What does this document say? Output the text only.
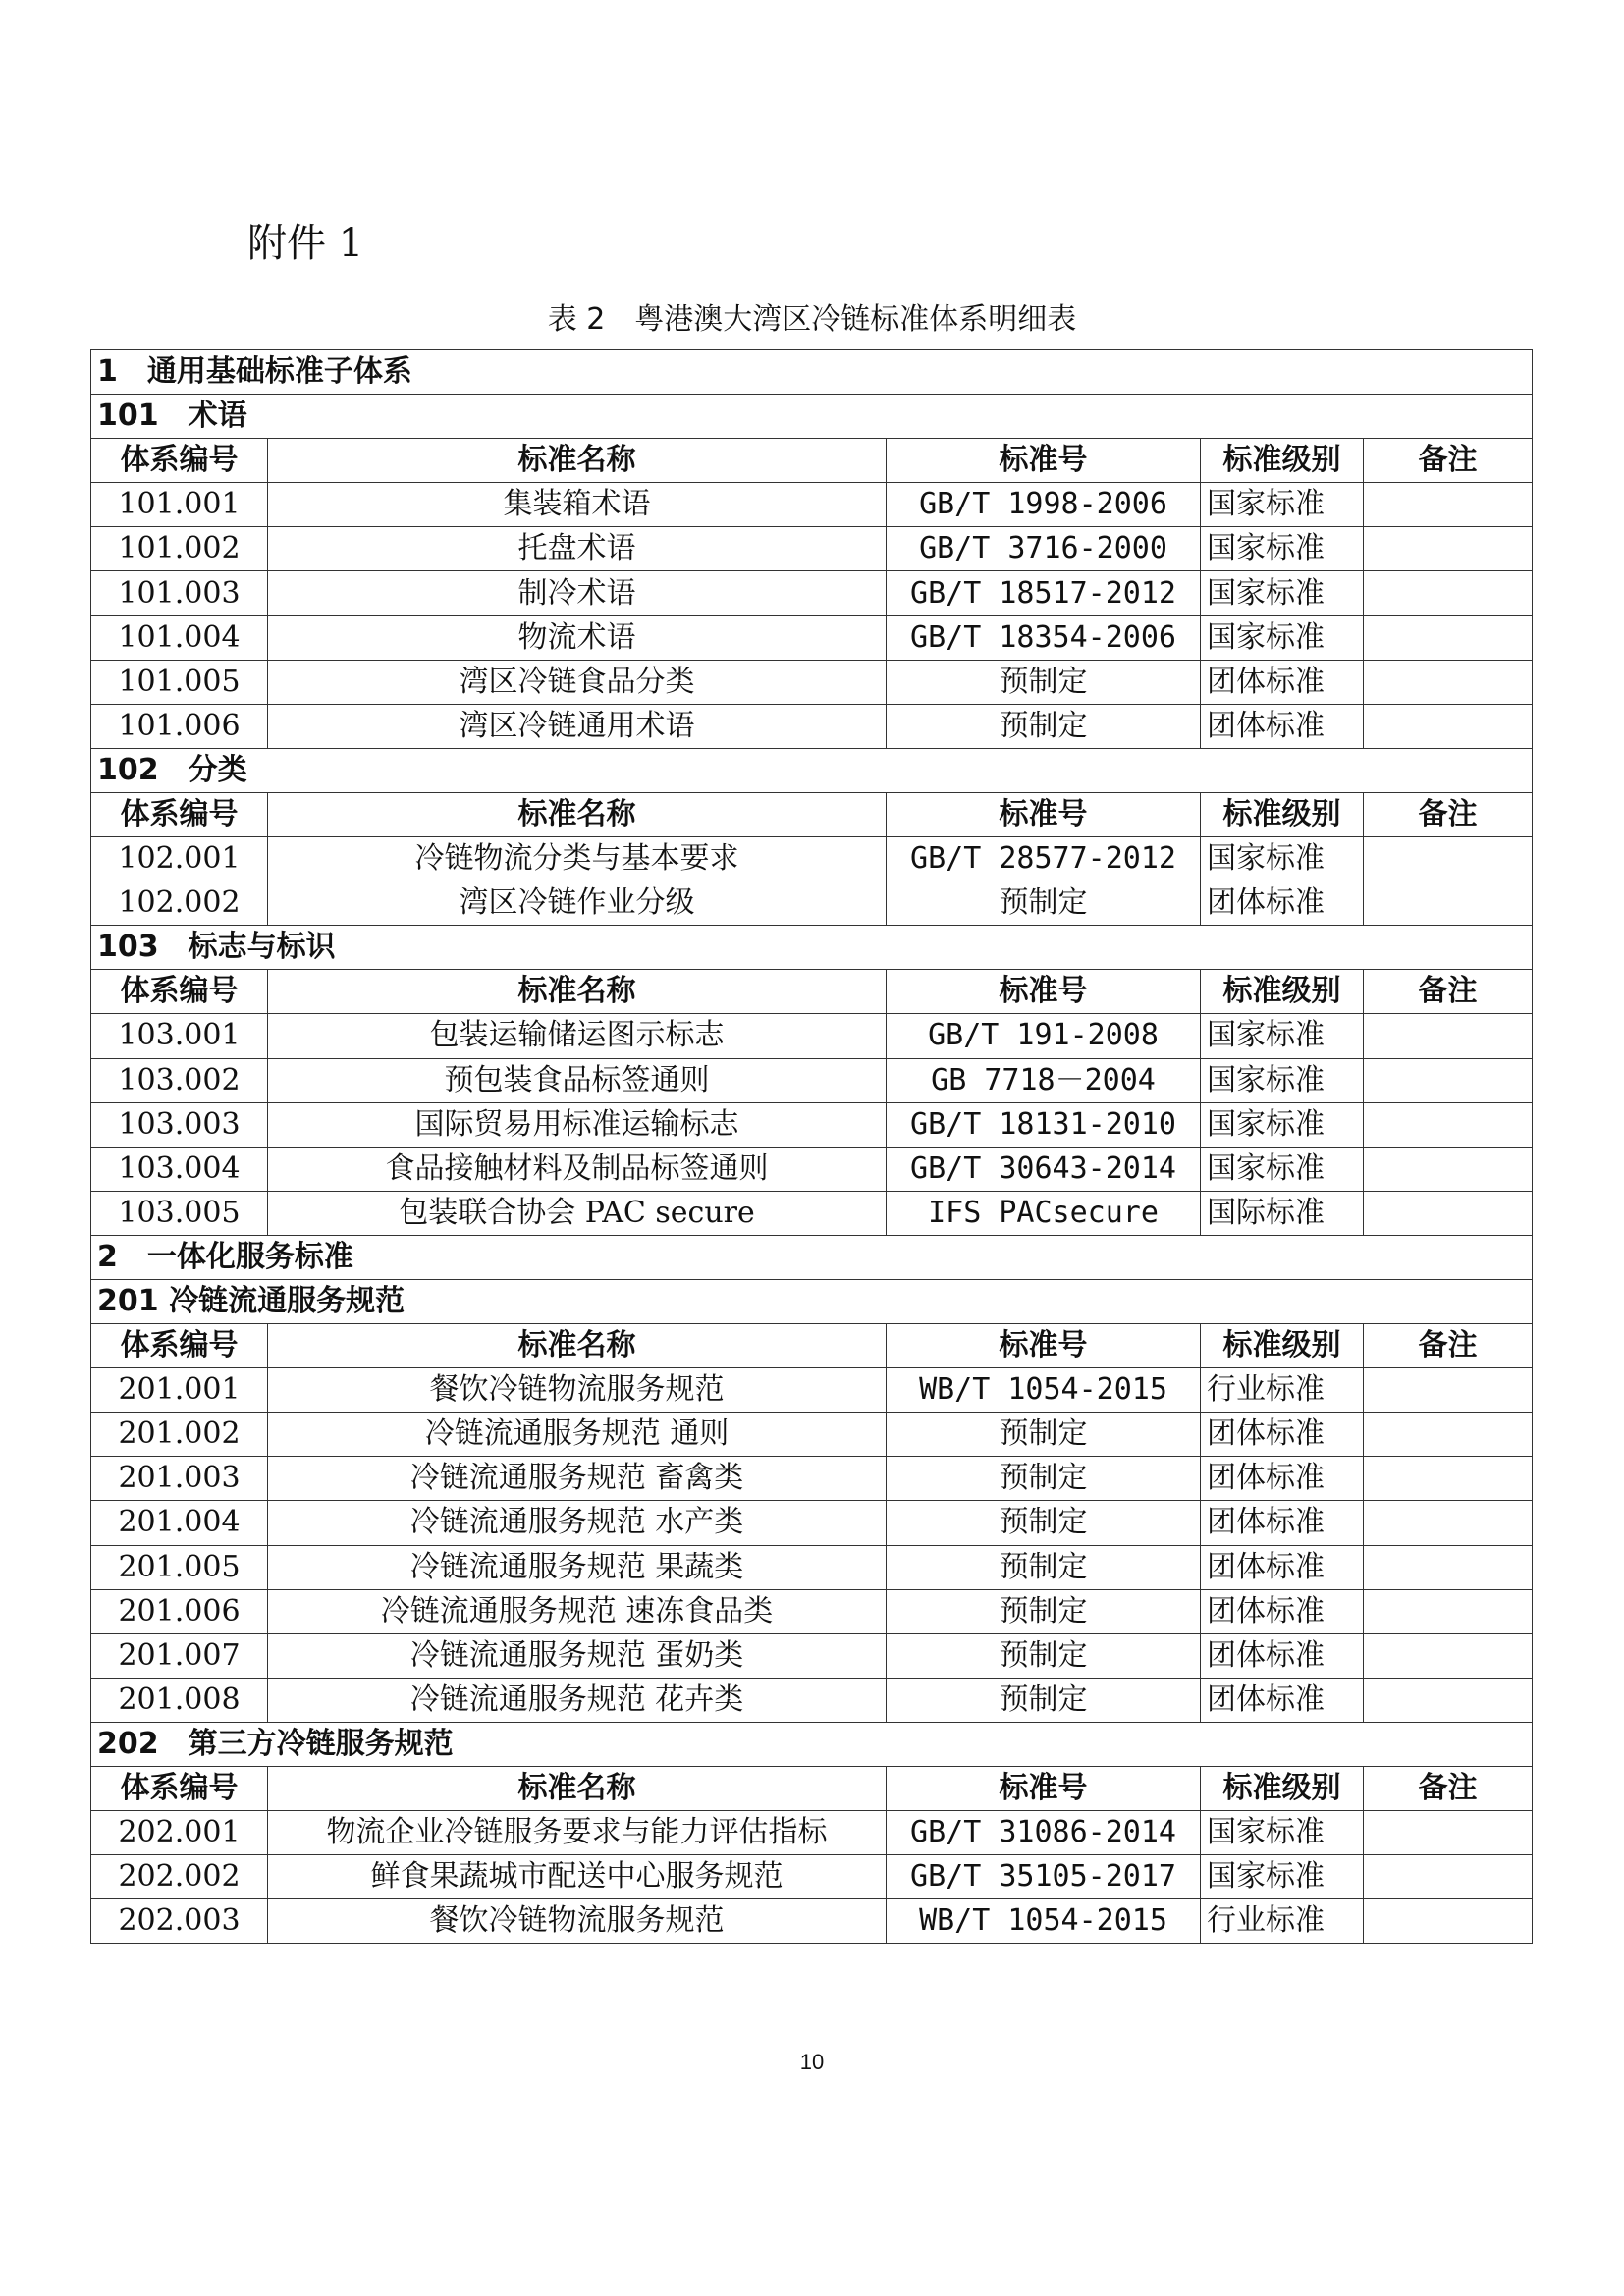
附件 1
表 2　粤港澳大湾区冷链标准体系明细表
1　通用基础标准子体系				
101　术语				
体系编号	标准名称	标准号	标准级别	备注
101.001	集装箱术语	GB/T 1998-2006	国家标准	
101.002	托盘术语	GB/T 3716-2000	国家标准	
101.003	制冷术语	GB/T 18517-2012	国家标准	
101.004	物流术语	GB/T 18354-2006	国家标准	
101.005	湾区冷链食品分类	预制定	团体标准	
101.006	湾区冷链通用术语	预制定	团体标准	
102　分类				
体系编号	标准名称	标准号	标准级别	备注
102.001	冷链物流分类与基本要求	GB/T 28577-2012	国家标准	
102.002	湾区冷链作业分级	预制定	团体标准	
103　标志与标识				
体系编号	标准名称	标准号	标准级别	备注
103.001	包装运输储运图示标志	GB/T 191-2008	国家标准	
103.002	预包装食品标签通则	GB 7718－2004	国家标准	
103.003	国际贸易用标准运输标志	GB/T 18131-2010	国家标准	
103.004	食品接触材料及制品标签通则	GB/T 30643-2014	国家标准	
103.005	包装联合协会 PAC secure	IFS PACsecure	国际标准	
2　一体化服务标准				
201 冷链流通服务规范				
体系编号	标准名称	标准号	标准级别	备注
201.001	餐饮冷链物流服务规范	WB/T 1054-2015	行业标准	
201.002	冷链流通服务规范 通则	预制定	团体标准	
201.003	冷链流通服务规范 畜禽类	预制定	团体标准	
201.004	冷链流通服务规范 水产类	预制定	团体标准	
201.005	冷链流通服务规范 果蔬类	预制定	团体标准	
201.006	冷链流通服务规范 速冻食品类	预制定	团体标准	
201.007	冷链流通服务规范 蛋奶类	预制定	团体标准	
201.008	冷链流通服务规范 花卉类	预制定	团体标准	
202　第三方冷链服务规范				
体系编号	标准名称	标准号	标准级别	备注
202.001	物流企业冷链服务要求与能力评估指标	GB/T 31086-2014	国家标准	
202.002	鲜食果蔬城市配送中心服务规范	GB/T 35105-2017	国家标准	
202.003	餐饮冷链物流服务规范	WB/T 1054-2015	行业标准	
10
